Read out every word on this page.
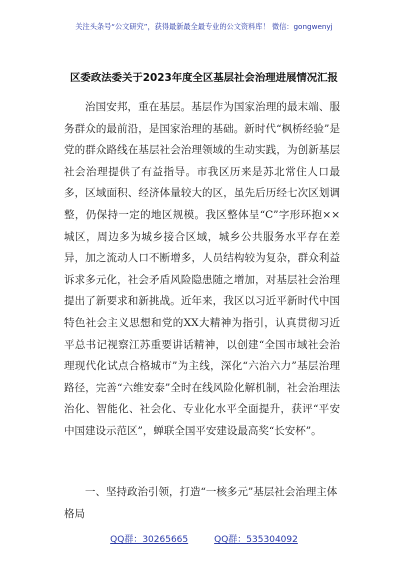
关注头条号“公文研究”，获得最新最全最专业的公文资料库！ 微信：gongwenyj
区委政法委关于2023年度全区基层社会治理进展情况汇报

治国安邦，重在基层。基层作为国家治理的最末端、服务群众的最前沿，是国家治理的基础。新时代“枫桥经验”是党的群众路线在基层社会治理领域的生动实践，为创新基层社会治理提供了有益指导。市我区历来是苏北常住人口最多，区域面积、经济体量较大的区，虽先后历经七次区划调整，仍保持一定的地区规模。我区整体呈“C”字形环抱××城区，周边多为城乡接合区域，城乡公共服务水平存在差异，加之流动人口不断增多，人员结构较为复杂，群众利益诉求多元化，社会矛盾风险隐患随之增加，对基层社会治理提出了新要求和新挑战。近年来，我区以习近平新时代中国特色社会主义思想和党的XX大精神为指引，认真贯彻习近平总书记视察江苏重要讲话精神，以创建“全国市域社会治理现代化试点合格城市”为主线，深化“六治六力”基层治理路径，完善“六维安泰”全时在线风险化解机制，社会治理法治化、智能化、社会化、专业化水平全面提升，获评“平安中国建设示范区”，蝉联全国平安建设最高奖“长安杯”。

一、坚持政治引领，打造“一核多元”基层社会治理主体格局

QQ群：30265665	QQ群：535304092
